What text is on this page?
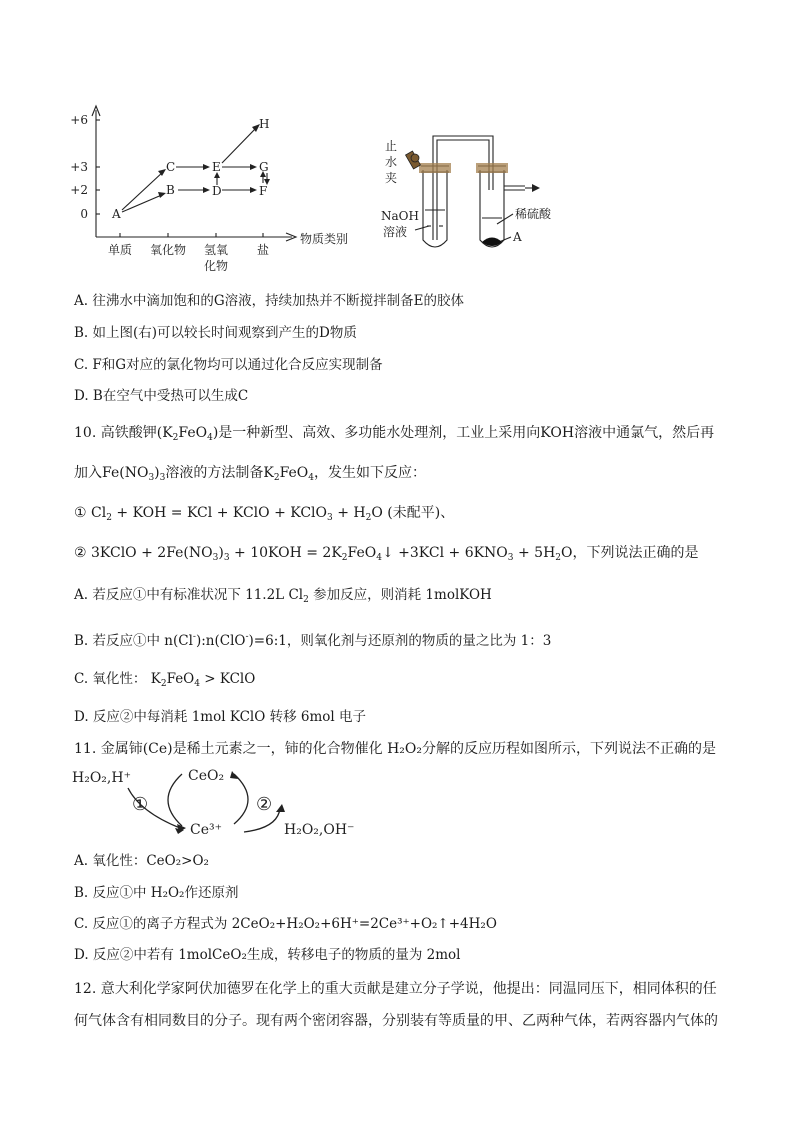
+6
+3
+2
0
单质 氧化物 氢氧
化物
盐
物质类别
A
B
C
D
E
F
G
H
止
水
夹
NaOH
溶液
稀硫酸
A
A. 往沸水中滴加饱和的G溶液，持续加热并不断搅拌制备E的胶体
B. 如上图(右)可以较长时间观察到产生的D物质
C. F和G对应的氯化物均可以通过化合反应实现制备
D. B在空气中受热可以生成C
10. 高铁酸钾$(K_2FeO_4)$是一种新型、高效、多功能水处理剂，工业上采用向KOH溶液中通氯气，然后再
加入$Fe(NO_3)_3$溶液的方法制备$K_2FeO_4$，发生如下反应：
① $Cl_2$ + KOH = KCl + KClO + KClO$_3$ + $H_2O$ (未配平)、
② 3KClO + $2Fe(NO_3)_3 + 10KOH$ = $2K_2FeO_4↓ +3KCl + 6KNO_3 + 5H_2O$，下列说法正确的是
A. 若反应①中有标准状况下 11.2L $Cl_2$ 参加反应，则消耗 1molKOH
B. 若反应①中 n(Cl-):n(ClO-)=6:1，则氧化剂与还原剂的物质的量之比为 1：3
C. 氧化性： $K_2FeO_4$ > KClO
D. 反应②中每消耗 1mol KClO 转移 6mol 电子
11. 金属铈(Ce)是稀土元素之一，铈的化合物催化 H₂O₂分解的反应历程如图所示，下列说法不正确的是
H₂O₂,H⁺	CeO₂
Ce³⁺	H₂O₂,OH⁻
①	②
A. 氧化性：CeO₂>O₂
B. 反应①中 H₂O₂作还原剂
C. 反应①的离子方程式为 2CeO₂+H₂O₂+6H⁺=2Ce³⁺+O₂↑+4H₂O
D. 反应②中若有 1molCeO₂生成，转移电子的物质的量为 2mol
12. 意大利化学家阿伏加德罗在化学上的重大贡献是建立分子学说，他提出：同温同压下，相同体积的任
何气体含有相同数目的分子。现有两个密闭容器，分别装有等质量的甲、乙两种气体，若两容器内气体的
